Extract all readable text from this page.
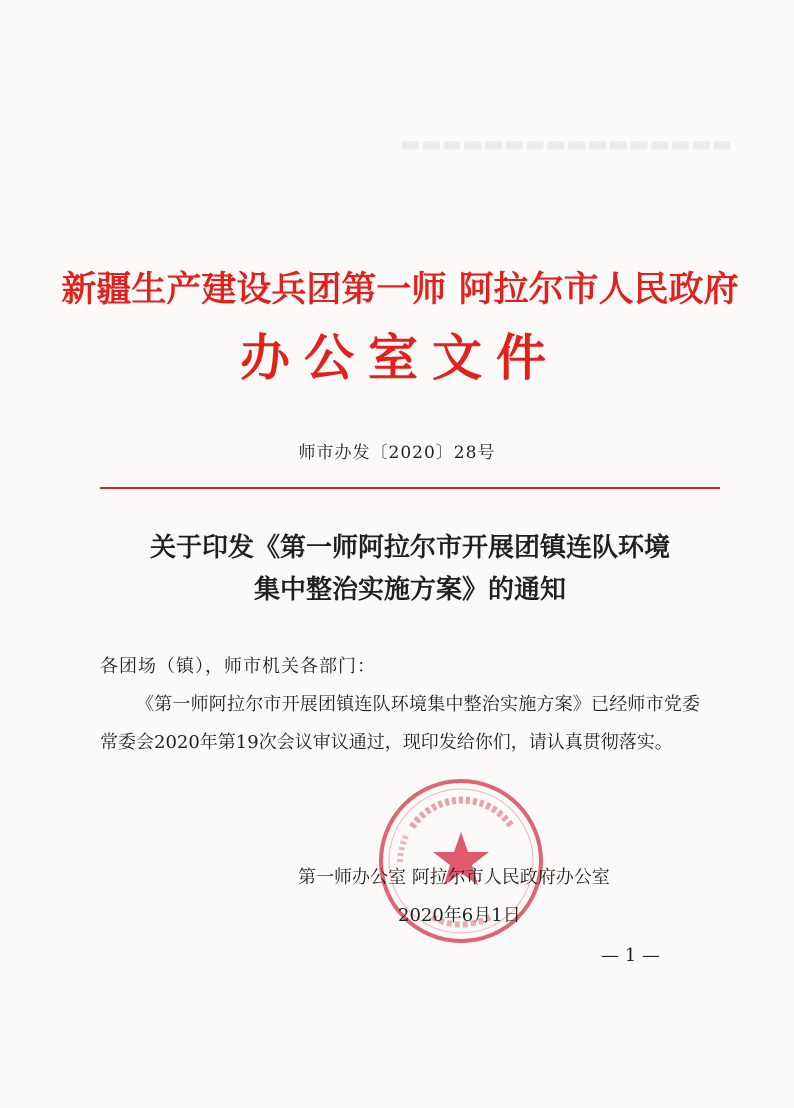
▬▬▬▬▬▬▬▬▬▬▬▬▬▬▬▬
新疆生产建设兵团第一师 阿拉尔市人民政府
办公室文件
师市办发〔2020〕28号
关于印发《第一师阿拉尔市开展团镇连队环境
集中整治实施方案》的通知
各团场（镇），师市机关各部门：
《第一师阿拉尔市开展团镇连队环境集中整治实施方案》已经师市党委常委会2020年第19次会议审议通过，现印发给你们，请认真贯彻落实。
第一师办公室 阿拉尔市人民政府办公室
2020年6月1日
— 1 —
